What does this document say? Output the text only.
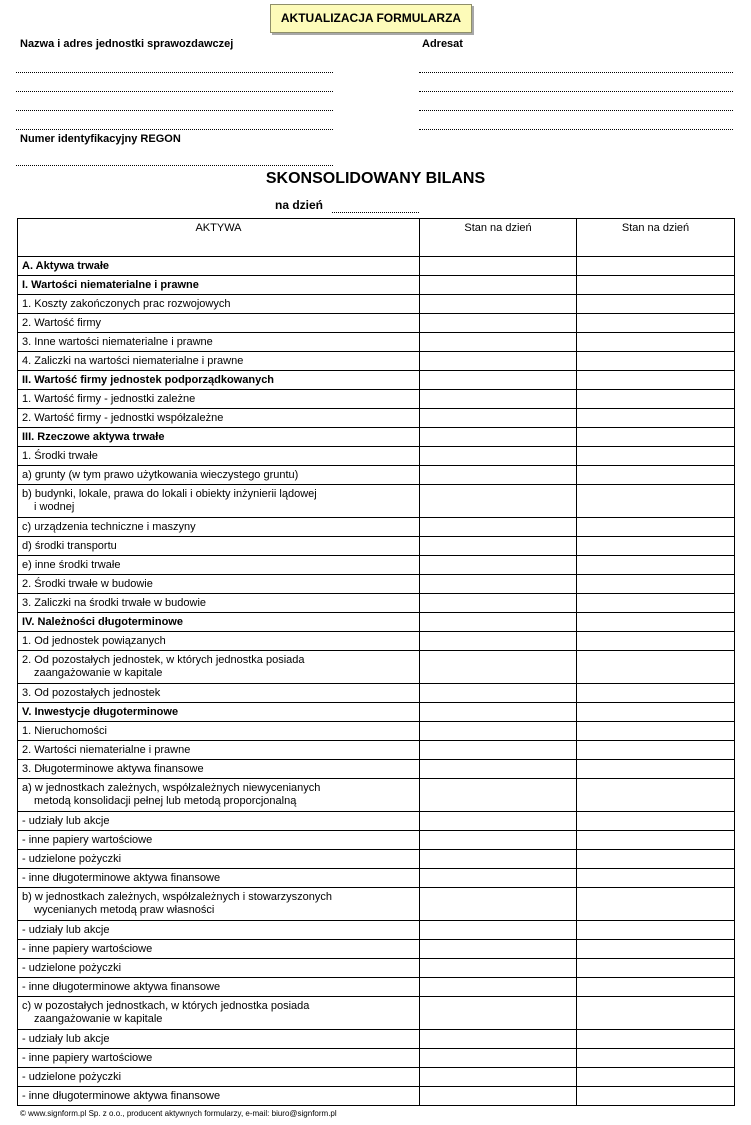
AKTUALIZACJA FORMULARZA
Nazwa i adres jednostki sprawozdawczej	Adresat
Numer identyfikacyjny REGON
SKONSOLIDOWANY BILANS
na dzień
AKTYWA	Stan na dzień	Stan na dzień
A. Aktywa trwałe		
I. Wartości niematerialne i prawne		
1. Koszty zakończonych prac rozwojowych		
2. Wartość firmy		
3. Inne wartości niematerialne i prawne		
4. Zaliczki na wartości niematerialne i prawne		
II. Wartość firmy jednostek podporządkowanych		
1. Wartość firmy - jednostki zależne		
2. Wartość firmy - jednostki współzależne		
III. Rzeczowe aktywa trwałe		
1. Środki trwałe		
a) grunty (w tym prawo użytkowania wieczystego gruntu)		
b) budynki, lokale, prawa do lokali i obiekty inżynierii lądowej
i wodnej		

c) urządzenia techniczne i maszyny		
d) środki transportu		
e) inne środki trwałe		
2. Środki trwałe w budowie		
3. Zaliczki na środki trwałe w budowie		
IV. Należności długoterminowe		
1. Od jednostek powiązanych		
2. Od pozostałych jednostek, w których jednostka posiada
zaangażowanie w kapitale		

3. Od pozostałych jednostek		
V. Inwestycje długoterminowe		
1. Nieruchomości		
2. Wartości niematerialne i prawne		
3. Długoterminowe aktywa finansowe		
a) w jednostkach zależnych, współzależnych niewycenianych
metodą konsolidacji pełnej lub metodą proporcjonalną		

- udziały lub akcje		
- inne papiery wartościowe		
- udzielone pożyczki		
- inne długoterminowe aktywa finansowe		
b) w jednostkach zależnych, współzależnych i stowarzyszonych
wycenianych metodą praw własności		

- udziały lub akcje		
- inne papiery wartościowe		
- udzielone pożyczki		
- inne długoterminowe aktywa finansowe		
c) w pozostałych jednostkach, w których jednostka posiada
zaangażowanie w kapitale		

- udziały lub akcje		
- inne papiery wartościowe		
- udzielone pożyczki		
- inne długoterminowe aktywa finansowe		
© www.signform.pl Sp. z o.o., producent aktywnych formularzy, e-mail: biuro@signform.pl
